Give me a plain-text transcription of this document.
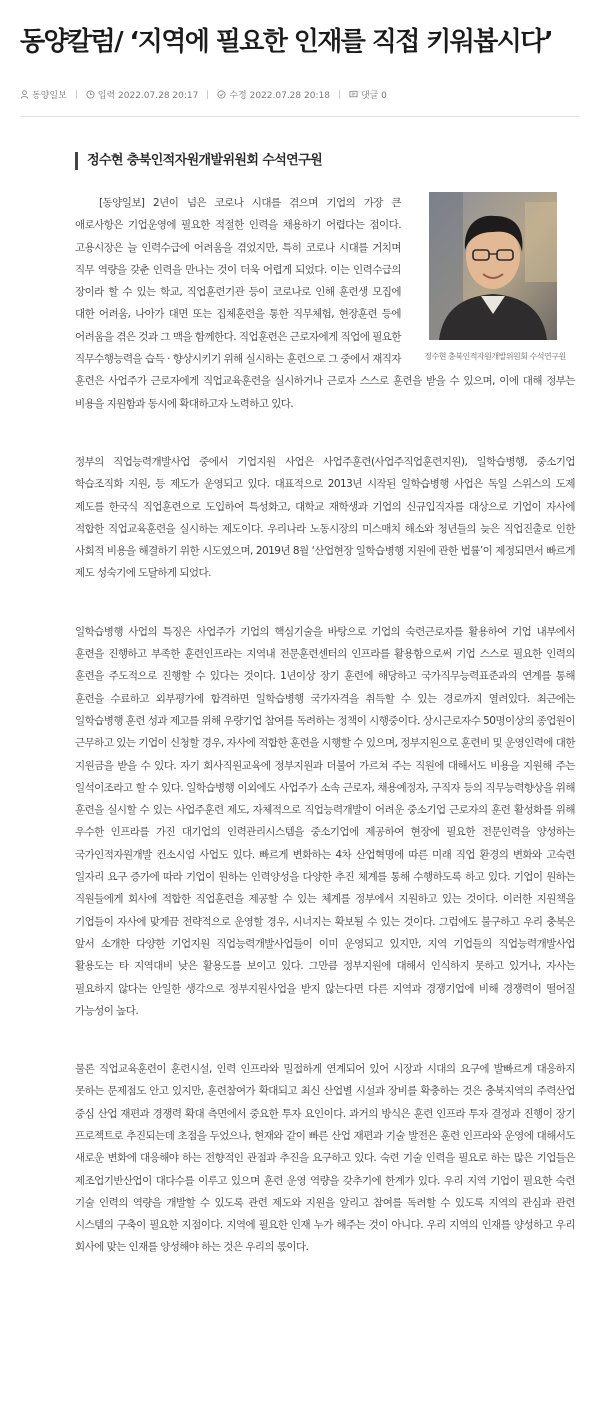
동양칼럼/ ‘지역에 필요한 인재를 직접 키워봅시다’
동양일보	입력 2022.07.28 20:17	수정 2022.07.28 20:18	댓글 0
정수현 충북인적자원개발위원회 수석연구원
정수현 충북인적자원개발위원회 수석연구원

[동양일보] 2년이 넘은 코로나 시대를 겪으며 기업의 가장 큰 애로사항은 기업운영에 필요한 적절한 인력을 채용하기 어렵다는 점이다. 고용시장은 늘 인력수급에 어려움을 겪었지만, 특히 코로나 시대를 거치며 직무 역량을 갖춘 인력을 만나는 것이 더욱 어렵게 되었다. 이는 인력수급의 장이라 할 수 있는 학교, 직업훈련기관 등이 코로나로 인해 훈련생 모집에 대한 어려움, 나아가 대면 또는 집체훈련을 통한 직무체험, 현장훈련 등에 어려움을 겪은 것과 그 맥을 함께한다. 직업훈련은 근로자에게 직업에 필요한 직무수행능력을 습득 · 향상시키기 위해 실시하는 훈련으로 그 중에서 재직자 훈련은 사업주가 근로자에게 직업교육훈련을 실시하거나 근로자 스스로 훈련을 받을 수 있으며, 이에 대해 정부는 비용을 지원함과 동시에 확대하고자 노력하고 있다.

정부의 직업능력개발사업 중에서 기업지원 사업은 사업주훈련(사업주직업훈련지원), 일학습병행, 중소기업 학습조직화 지원, 등 제도가 운영되고 있다. 대표적으로 2013년 시작된 일학습병행 사업은 독일 스위스의 도제 제도를 한국식 직업훈련으로 도입하여 특성화고, 대학교 재학생과 기업의 신규입직자를 대상으로 기업이 자사에 적합한 직업교육훈련을 실시하는 제도이다. 우리나라 노동시장의 미스매치 해소와 청년들의 늦은 직업진출로 인한 사회적 비용을 해결하기 위한 시도였으며, 2019년 8월 ‘산업현장 일학습병행 지원에 관한 법률’이 제정되면서 빠르게 제도 성숙기에 도달하게 되었다.

일학습병행 사업의 특징은 사업주가 기업의 핵심기술을 바탕으로 기업의 숙련근로자를 활용하여 기업 내부에서 훈련을 진행하고 부족한 훈련인프라는 지역내 전문훈련센터의 인프라를 활용함으로써 기업 스스로 필요한 인력의 훈련을 주도적으로 진행할 수 있다는 것이다. 1년이상 장기 훈련에 해당하고 국가직무능력표준과의 연계를 통해 훈련을 수료하고 외부평가에 합격하면 일학습병행 국가자격을 취득할 수 있는 경로까지 열려있다. 최근에는 일학습병행 훈련 성과 제고를 위해 우량기업 참여를 독려하는 정책이 시행중이다. 상시근로자수 50명이상의 종업원이 근무하고 있는 기업이 신청할 경우, 자사에 적합한 훈련을 시행할 수 있으며, 정부지원으로 훈련비 및 운영인력에 대한 지원금을 받을 수 있다. 자기 회사직원교육에 정부지원과 더불어 가르쳐 주는 직원에 대해서도 비용을 지원해 주는 일석이조라고 할 수 있다. 일학습병행 이외에도 사업주가 소속 근로자, 채용예정자, 구직자 등의 직무능력향상을 위해 훈련을 실시할 수 있는 사업주훈련 제도, 자체적으로 직업능력개발이 어려운 중소기업 근로자의 훈련 활성화를 위해 우수한 인프라를 가진 대기업의 인력관리시스템을 중소기업에 제공하여 현장에 필요한 전문인력을 양성하는 국가인적자원개발 컨소시엄 사업도 있다. 빠르게 변화하는 4차 산업혁명에 따른 미래 직업 환경의 변화와 고숙련 일자리 요구 증가에 따라 기업이 원하는 인력양성을 다양한 추진 체계를 통해 수행하도록 하고 있다. 기업이 원하는 직원들에게 회사에 적합한 직업훈련을 제공할 수 있는 체계를 정부에서 지원하고 있는 것이다. 이러한 지원책을 기업들이 자사에 맞게끔 전략적으로 운영할 경우, 시너지는 확보될 수 있는 것이다. 그럼에도 불구하고 우리 충북은 앞서 소개한 다양한 기업지원 직업능력개발사업들이 이미 운영되고 있지만, 지역 기업들의 직업능력개발사업 활용도는 타 지역대비 낮은 활용도를 보이고 있다. 그만큼 정부지원에 대해서 인식하지 못하고 있거나, 자사는 필요하지 않다는 안일한 생각으로 정부지원사업을 받지 않는다면 다른 지역과 경쟁기업에 비해 경쟁력이 떨어질 가능성이 높다.

물론 직업교육훈련이 훈련시설, 인력 인프라와 밀접하게 연계되어 있어 시장과 시대의 요구에 발빠르게 대응하지 못하는 문제점도 안고 있지만, 훈련참여가 확대되고 최신 산업별 시설과 장비를 확충하는 것은 충북지역의 주력산업 중심 산업 재편과 경쟁력 확대 측면에서 중요한 투자 요인이다. 과거의 방식은 훈련 인프라 투자 결정과 진행이 장기 프로젝트로 추진되는데 초점을 두었으나, 현재와 같이 빠른 산업 재편과 기술 발전은 훈련 인프라와 운영에 대해서도 새로운 변화에 대응해야 하는 전향적인 관점과 추진을 요구하고 있다. 숙련 기술 인력을 필요로 하는 많은 기업들은 제조업기반산업이 대다수를 이루고 있으며 훈련 운영 역량을 갖추기에 한계가 있다. 우리 지역 기업이 필요한 숙련 기술 인력의 역량을 개발할 수 있도록 관련 제도와 지원을 알리고 참여를 독려할 수 있도록 지역의 관심과 관련 시스템의 구축이 필요한 지점이다. 지역에 필요한 인재 누가 해주는 것이 아니다. 우리 지역의 인재를 양성하고 우리 회사에 맞는 인재를 양성해야 하는 것은 우리의 몫이다.
